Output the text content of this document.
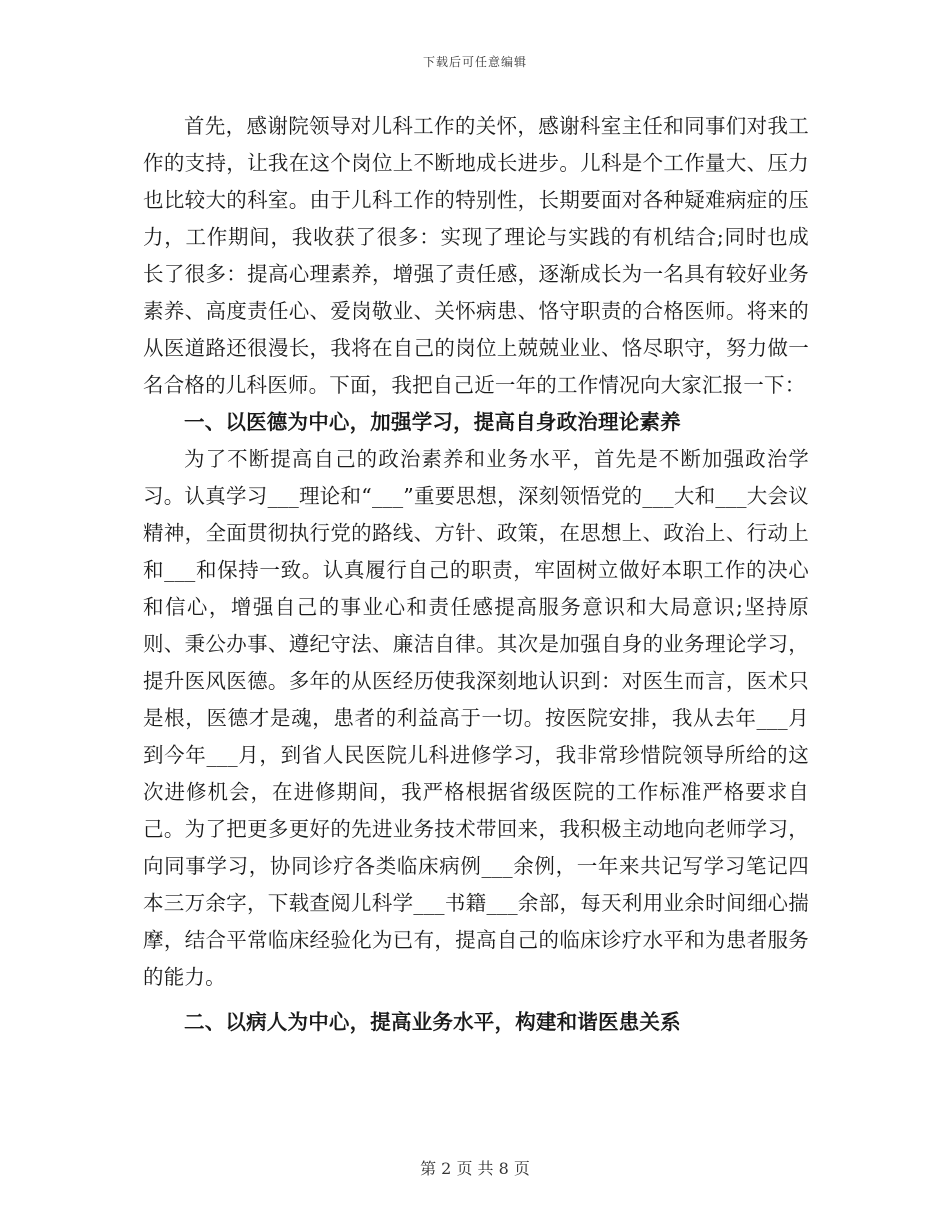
下载后可任意编辑

首先，感谢院领导对儿科工作的关怀，感谢科室主任和同事们对我工作的支持，让我在这个岗位上不断地成长进步。儿科是个工作量大、压力也比较大的科室。由于儿科工作的特别性，长期要面对各种疑难病症的压力，工作期间，我收获了很多：实现了理论与实践的有机结合;同时也成长了很多：提高心理素养，增强了责任感，逐渐成长为一名具有较好业务素养、高度责任心、爱岗敬业、关怀病患、恪守职责的合格医师。将来的从医道路还很漫长，我将在自己的岗位上兢兢业业、恪尽职守，努力做一名合格的儿科医师。下面，我把自己近一年的工作情况向大家汇报一下：

一、以医德为中心，加强学习，提高自身政治理论素养

为了不断提高自己的政治素养和业务水平，首先是不断加强政治学习。认真学习___理论和“___”重要思想，深刻领悟党的___大和___大会议精神，全面贯彻执行党的路线、方针、政策，在思想上、政治上、行动上和___和保持一致。认真履行自己的职责，牢固树立做好本职工作的决心和信心，增强自己的事业心和责任感提高服务意识和大局意识;坚持原则、秉公办事、遵纪守法、廉洁自律。其次是加强自身的业务理论学习，提升医风医德。多年的从医经历使我深刻地认识到：对医生而言，医术只是根，医德才是魂，患者的利益高于一切。按医院安排，我从去年___月到今年___月，到省人民医院儿科进修学习，我非常珍惜院领导所给的这次进修机会，在进修期间，我严格根据省级医院的工作标准严格要求自己。为了把更多更好的先进业务技术带回来，我积极主动地向老师学习，向同事学习，协同诊疗各类临床病例___余例，一年来共记写学习笔记四本三万余字，下载查阅儿科学___书籍___余部，每天利用业余时间细心揣摩，结合平常临床经验化为已有，提高自己的临床诊疗水平和为患者服务的能力。

二、以病人为中心，提高业务水平，构建和谐医患关系

第 2 页 共 8 页
